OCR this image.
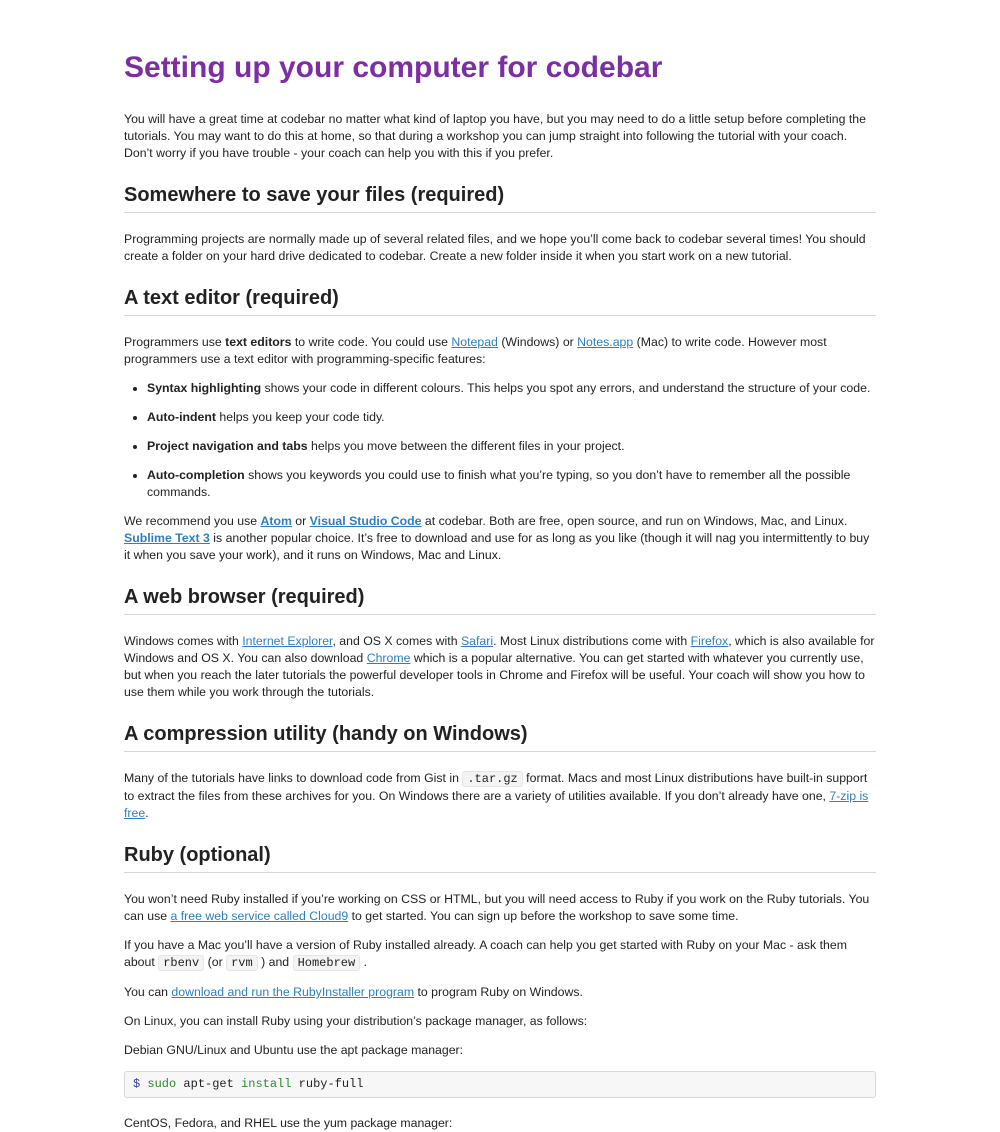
Setting up your computer for codebar

You will have a great time at codebar no matter what kind of laptop you have, but you may need to do a little setup before completing the tutorials. You may want to do this at home, so that during a workshop you can jump straight into following the tutorial with your coach. Don’t worry if you have trouble - your coach can help you with this if you prefer.

Somewhere to save your files (required)

Programming projects are normally made up of several related files, and we hope you’ll come back to codebar several times! You should create a folder on your hard drive dedicated to codebar. Create a new folder inside it when you start work on a new tutorial.

A text editor (required)

Programmers use text editors to write code. You could use Notepad (Windows) or Notes.app (Mac) to write code. However most programmers use a text editor with programming-specific features:

• Syntax highlighting shows your code in different colours. This helps you spot any errors, and understand the structure of your code.
• Auto-indent helps you keep your code tidy.
• Project navigation and tabs helps you move between the different files in your project.
• Auto-completion shows you keywords you could use to finish what you’re typing, so you don’t have to remember all the possible commands.

We recommend you use Atom or Visual Studio Code at codebar. Both are free, open source, and run on Windows, Mac, and Linux. Sublime Text 3 is another popular choice. It’s free to download and use for as long as you like (though it will nag you intermittently to buy it when you save your work), and it runs on Windows, Mac and Linux.

A web browser (required)

Windows comes with Internet Explorer, and OS X comes with Safari. Most Linux distributions come with Firefox, which is also available for Windows and OS X. You can also download Chrome which is a popular alternative. You can get started with whatever you currently use, but when you reach the later tutorials the powerful developer tools in Chrome and Firefox will be useful. Your coach will show you how to use them while you work through the tutorials.

A compression utility (handy on Windows)

Many of the tutorials have links to download code from Gist in .tar.gz format. Macs and most Linux distributions have built-in support to extract the files from these archives for you. On Windows there are a variety of utilities available. If you don’t already have one, 7-zip is free.

Ruby (optional)

You won’t need Ruby installed if you’re working on CSS or HTML, but you will need access to Ruby if you work on the Ruby tutorials. You can use a free web service called Cloud9 to get started. You can sign up before the workshop to save some time.

If you have a Mac you’ll have a version of Ruby installed already. A coach can help you get started with Ruby on your Mac - ask them about rbenv (or rvm ) and Homebrew .

You can download and run the RubyInstaller program to program Ruby on Windows.

On Linux, you can install Ruby using your distribution’s package manager, as follows:

Debian GNU/Linux and Ubuntu use the apt package manager:

$ sudo apt-get install ruby-full

CentOS, Fedora, and RHEL use the yum package manager:
